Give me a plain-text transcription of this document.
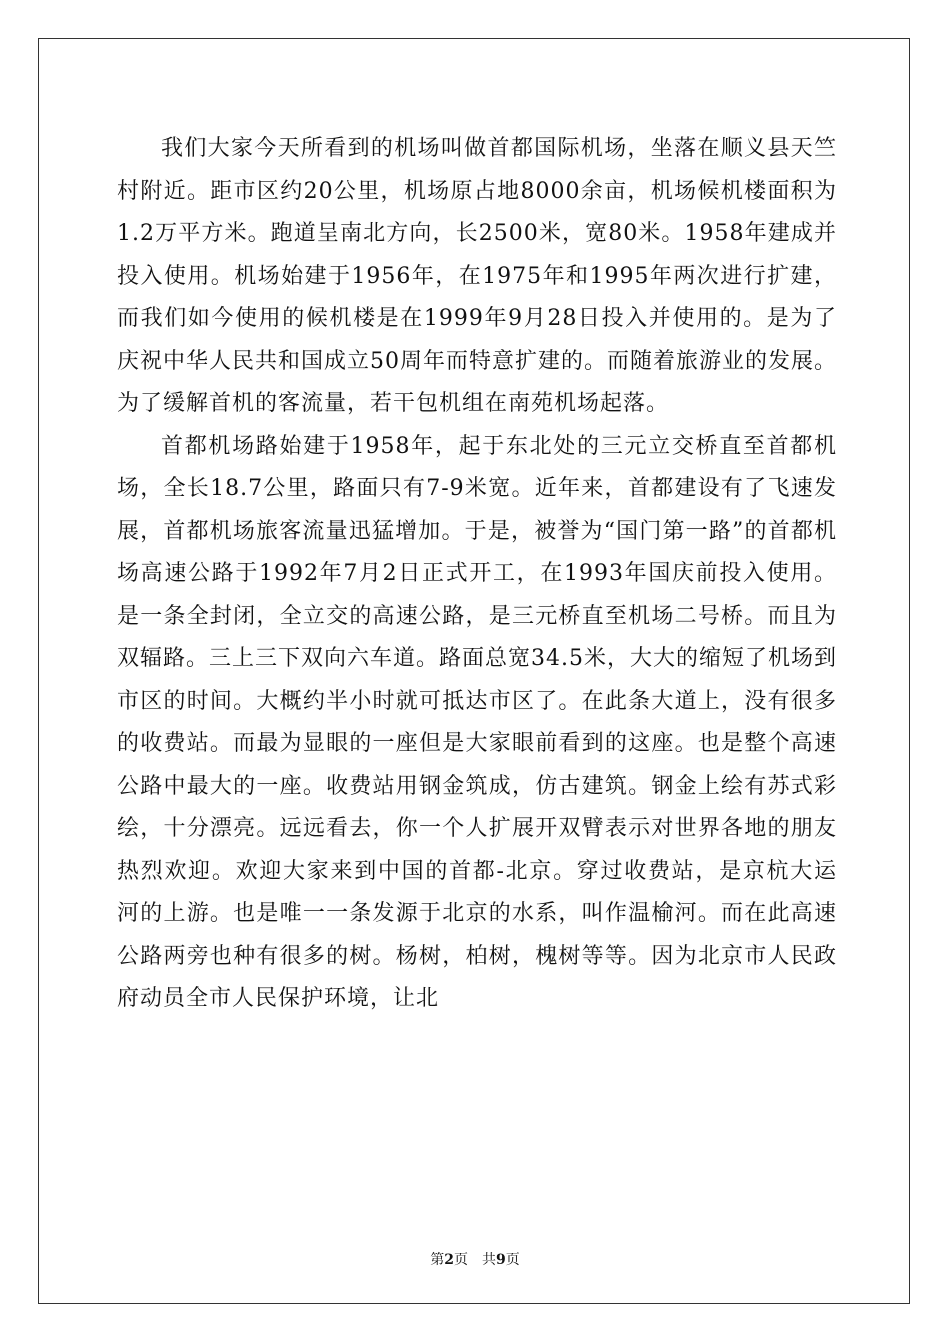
我们大家今天所看到的机场叫做首都国际机场，坐落在顺义县天竺村附近。距市区约20公里，机场原占地8000余亩，机场候机楼面积为1.2万平方米。跑道呈南北方向，长2500米，宽80米。1958年建成并投入使用。机场始建于1956年，在1975年和1995年两次进行扩建，而我们如今使用的候机楼是在1999年9月28日投入并使用的。是为了庆祝中华人民共和国成立50周年而特意扩建的。而随着旅游业的发展。为了缓解首机的客流量，若干包机组在南苑机场起落。

首都机场路始建于1958年，起于东北处的三元立交桥直至首都机场，全长18.7公里，路面只有7-9米宽。近年来，首都建设有了飞速发展，首都机场旅客流量迅猛增加。于是，被誉为“国门第一路”的首都机场高速公路于1992年7月2日正式开工，在1993年国庆前投入使用。是一条全封闭，全立交的高速公路，是三元桥直至机场二号桥。而且为双辐路。三上三下双向六车道。路面总宽34.5米，大大的缩短了机场到市区的时间。大概约半小时就可抵达市区了。在此条大道上，没有很多的收费站。而最为显眼的一座但是大家眼前看到的这座。也是整个高速公路中最大的一座。收费站用钢金筑成，仿古建筑。钢金上绘有苏式彩绘，十分漂亮。远远看去，你一个人扩展开双臂表示对世界各地的朋友热烈欢迎。欢迎大家来到中国的首都-北京。穿过收费站，是京杭大运河的上游。也是唯一一条发源于北京的水系，叫作温榆河。而在此高速公路两旁也种有很多的树。杨树，柏树，槐树等等。因为北京市人民政府动员全市人民保护环境，让北

第2页　共9页
